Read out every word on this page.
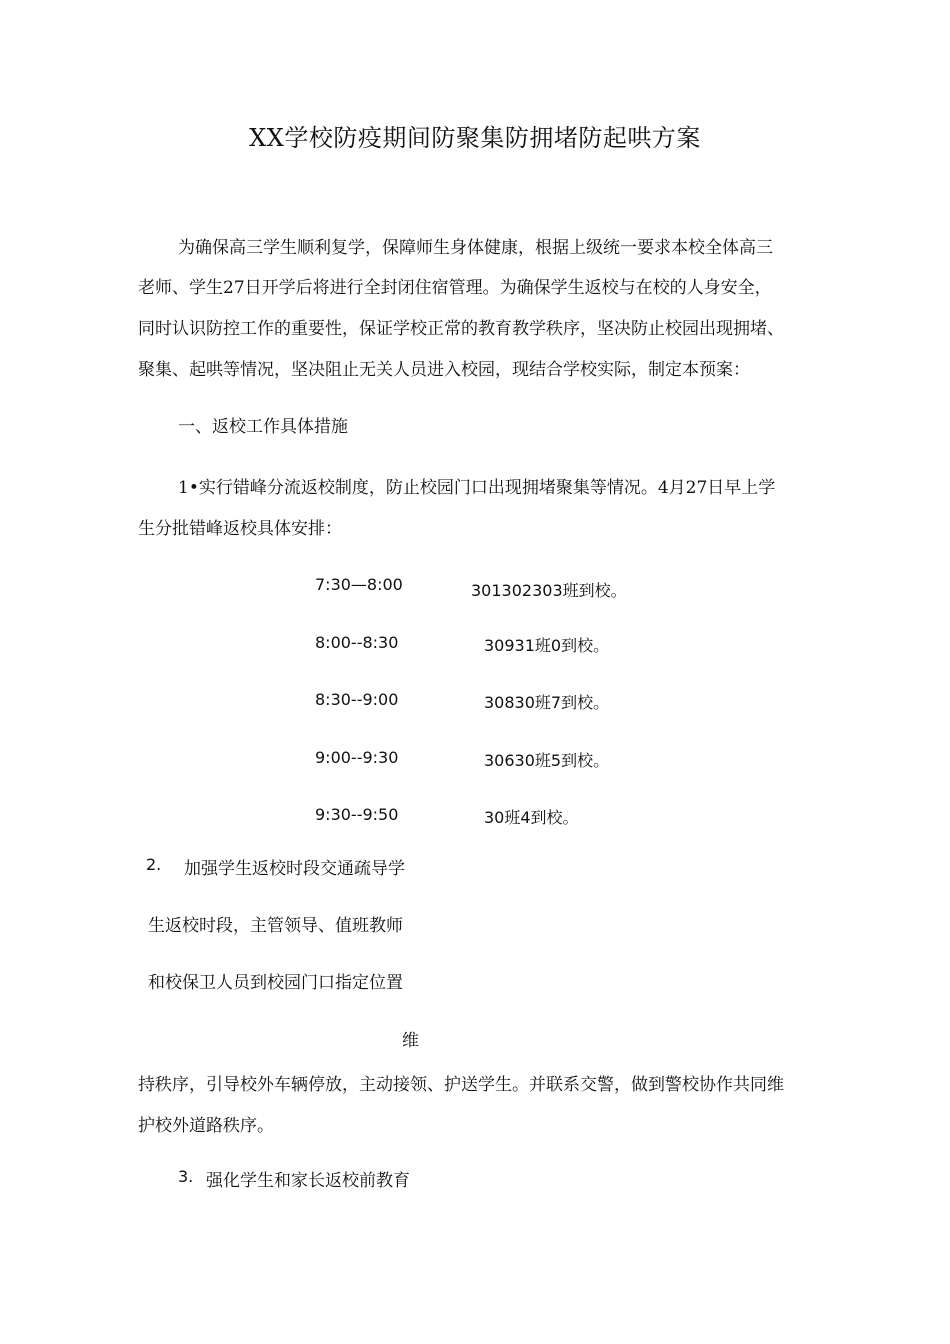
XX学校防疫期间防聚集防拥堵防起哄方案

为确保高三学生顺利复学，保障师生身体健康，根据上级统一要求本校全体高三

老师、学生27日开学后将进行全封闭住宿管理。为确保学生返校与在校的人身安全，

同时认识防控工作的重要性，保证学校正常的教育教学秩序，坚决防止校园出现拥堵、

聚集、起哄等情况，坚决阻止无关人员进入校园，现结合学校实际，制定本预案：

一、返校工作具体措施

1•实行错峰分流返校制度，防止校园门口出现拥堵聚集等情况。4月27日早上学

生分批错峰返校具体安排：

7:30—8:00	301302303班到校。
8:00--8:30	30931班0到校。
8:30--9:00	30830班7到校。
9:00--9:30	30630班5到校。
9:30--9:50	30班4到校。
2. 加强学生返校时段交通疏导学

生返校时段，主管领导、值班教师

和校保卫人员到校园门口指定位置

维

持秩序，引导校外车辆停放，主动接领、护送学生。并联系交警，做到警校协作共同维

护校外道路秩序。

3. 强化学生和家长返校前教育
